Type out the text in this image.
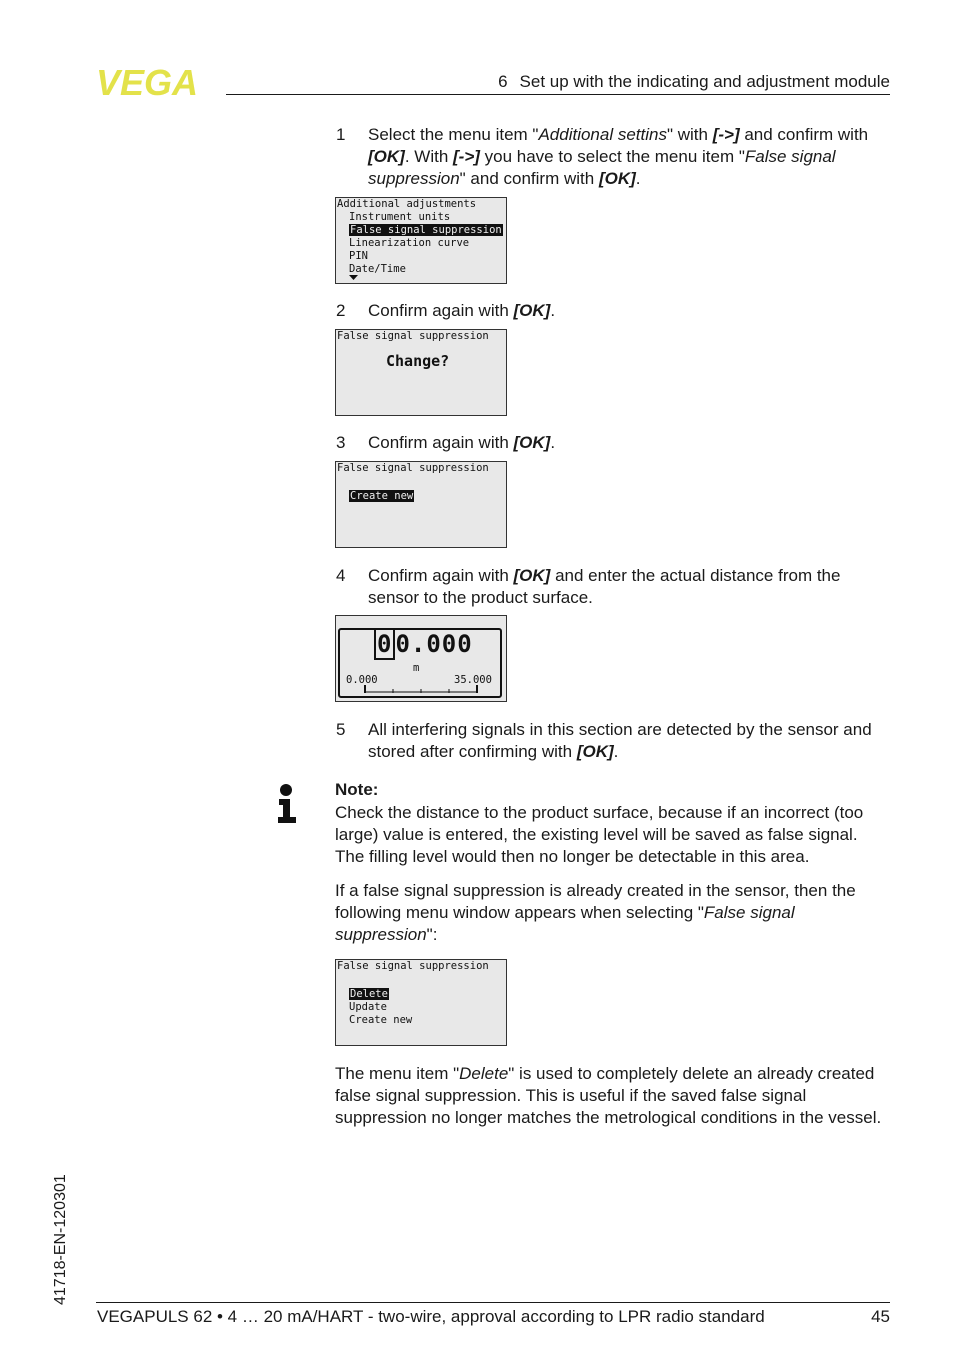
VEGA	6 Set up with the indicating and adjustment module
1 Select the menu item "Additional settins" with [->] and confirm with [OK]. With [->] you have to select the menu item "False signal suppression" and confirm with [OK].
Additional adjustments
Instrument units
False signal suppression
Linearization curve
PIN
Date/Time
2 Confirm again with [OK].
False signal suppression
Change?
3 Confirm again with [OK].
False signal suppression
Create new
4 Confirm again with [OK] and enter the actual distance from the sensor to the product surface.
0 0.000
m
0.000	35.000
5 All interfering signals in this section are detected by the sensor and stored after confirming with [OK].
Note:
Check the distance to the product surface, because if an incorrect (too large) value is entered, the existing level will be saved as false signal. The filling level would then no longer be detectable in this area.
If a false signal suppression is already created in the sensor, then the following menu window appears when selecting "False signal suppression":
False signal suppression
Delete
Update
Create new
The menu item "Delete" is used to completely delete an already created false signal suppression. This is useful if the saved false signal suppression no longer matches the metrological conditions in the vessel.
41718-EN-120301
VEGAPULS 62 • 4 … 20 mA/HART - two-wire, approval according to LPR radio standard	45
